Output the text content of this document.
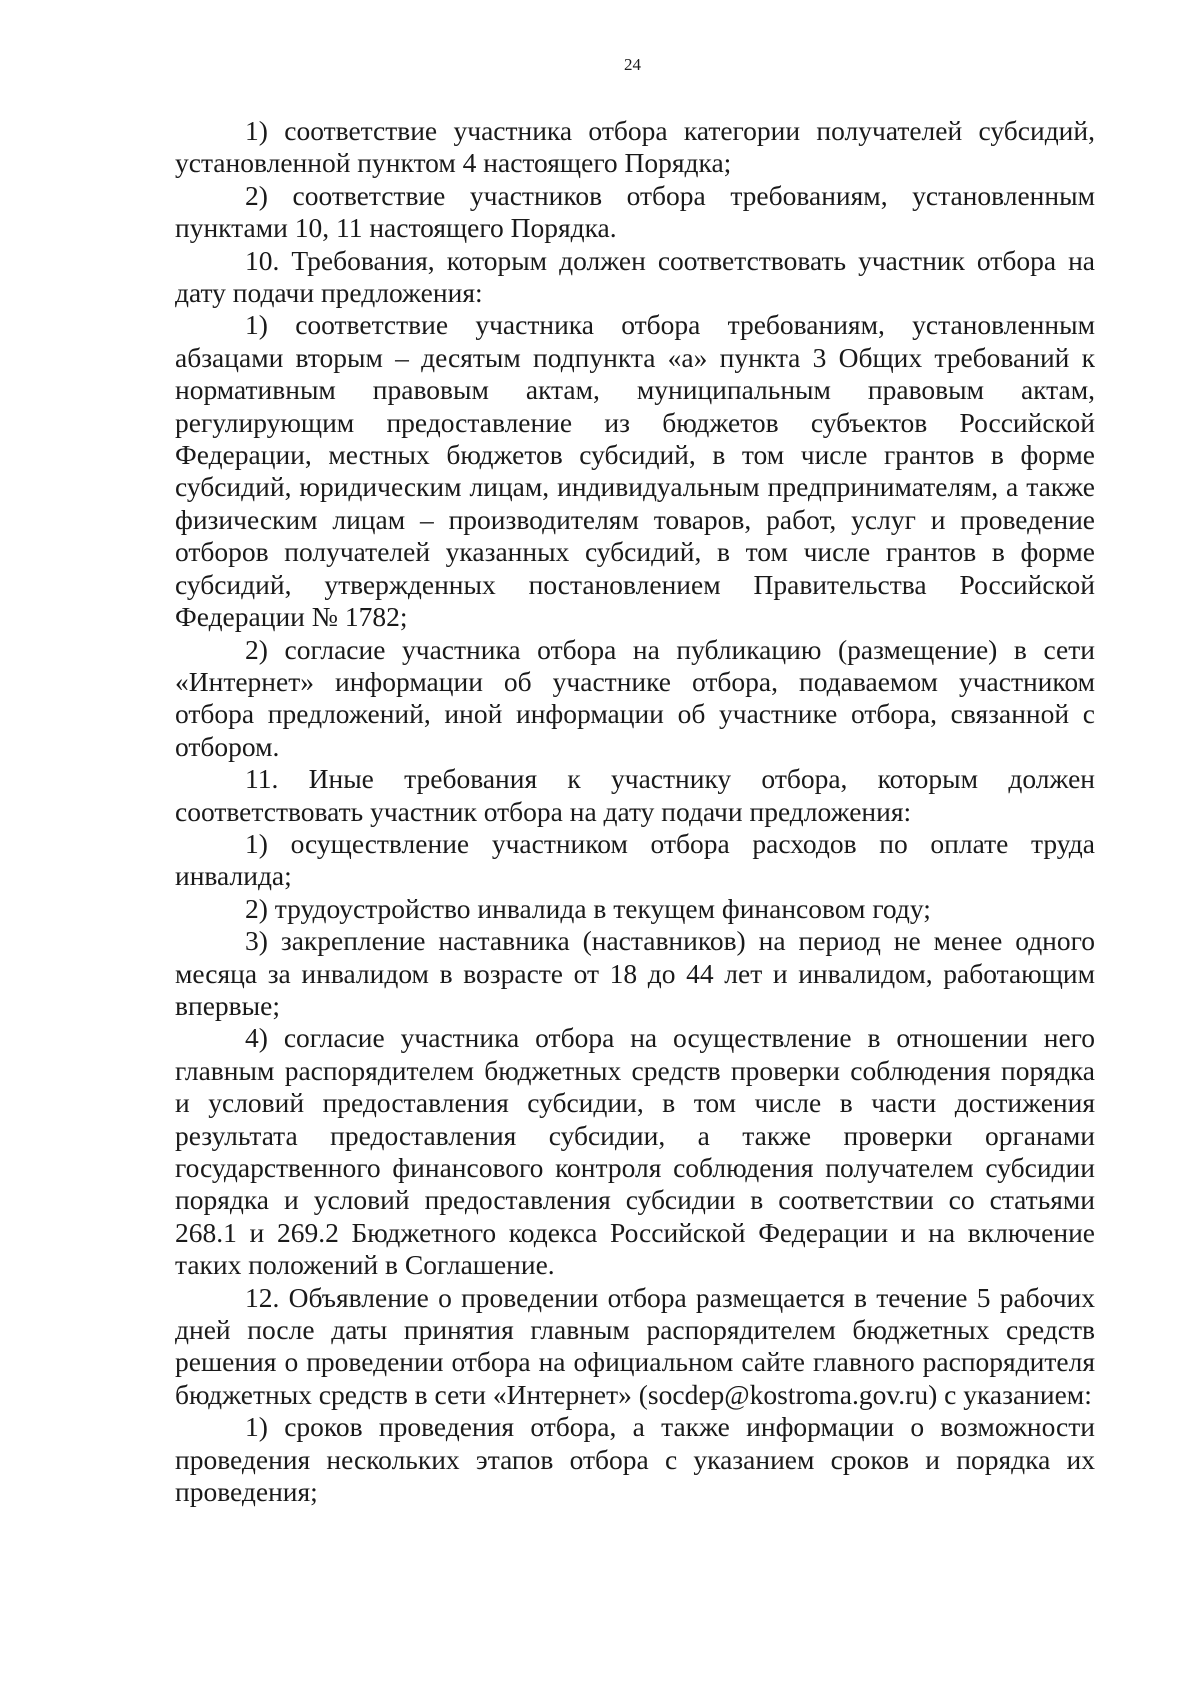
24

1) соответствие участника отбора категории получателей субсидий, установленной пунктом 4 настоящего Порядка;

2) соответствие участников отбора требованиям, установленным пунктами 10, 11 настоящего Порядка.

10. Требования, которым должен соответствовать участник отбора на дату подачи предложения:

1) соответствие участника отбора требованиям, установленным абзацами вторым – десятым подпункта «а» пункта 3 Общих требований к нормативным правовым актам, муниципальным правовым актам, регулирующим предоставление из бюджетов субъектов Российской Федерации, местных бюджетов субсидий, в том числе грантов в форме субсидий, юридическим лицам, индивидуальным предпринимателям, а также физическим лицам – производителям товаров, работ, услуг и проведение отборов получателей указанных субсидий, в том числе грантов в форме субсидий, утвержденных постановлением Правительства Российской Федерации № 1782;

2) согласие участника отбора на публикацию (размещение) в сети «Интернет» информации об участнике отбора, подаваемом участником отбора предложений, иной информации об участнике отбора, связанной с отбором.

11. Иные требования к участнику отбора, которым должен соответствовать участник отбора на дату подачи предложения:

1) осуществление участником отбора расходов по оплате труда инвалида;

2) трудоустройство инвалида в текущем финансовом году;

3) закрепление наставника (наставников) на период не менее одного месяца за инвалидом в возрасте от 18 до 44 лет и инвалидом, работающим впервые;

4) согласие участника отбора на осуществление в отношении него главным распорядителем бюджетных средств проверки соблюдения порядка и условий предоставления субсидии, в том числе в части достижения результата предоставления субсидии, а также проверки органами государственного финансового контроля соблюдения получателем субсидии порядка и условий предоставления субсидии в соответствии со статьями 268.1 и 269.2 Бюджетного кодекса Российской Федерации и на включение таких положений в Соглашение.

12. Объявление о проведении отбора размещается в течение 5 рабочих дней после даты принятия главным распорядителем бюджетных средств решения о проведении отбора на официальном сайте главного распорядителя бюджетных средств в сети «Интернет» (socdep@kostroma.gov.ru) с указанием:

1) сроков проведения отбора, а также информации о возможности проведения нескольких этапов отбора с указанием сроков и порядка их проведения;
